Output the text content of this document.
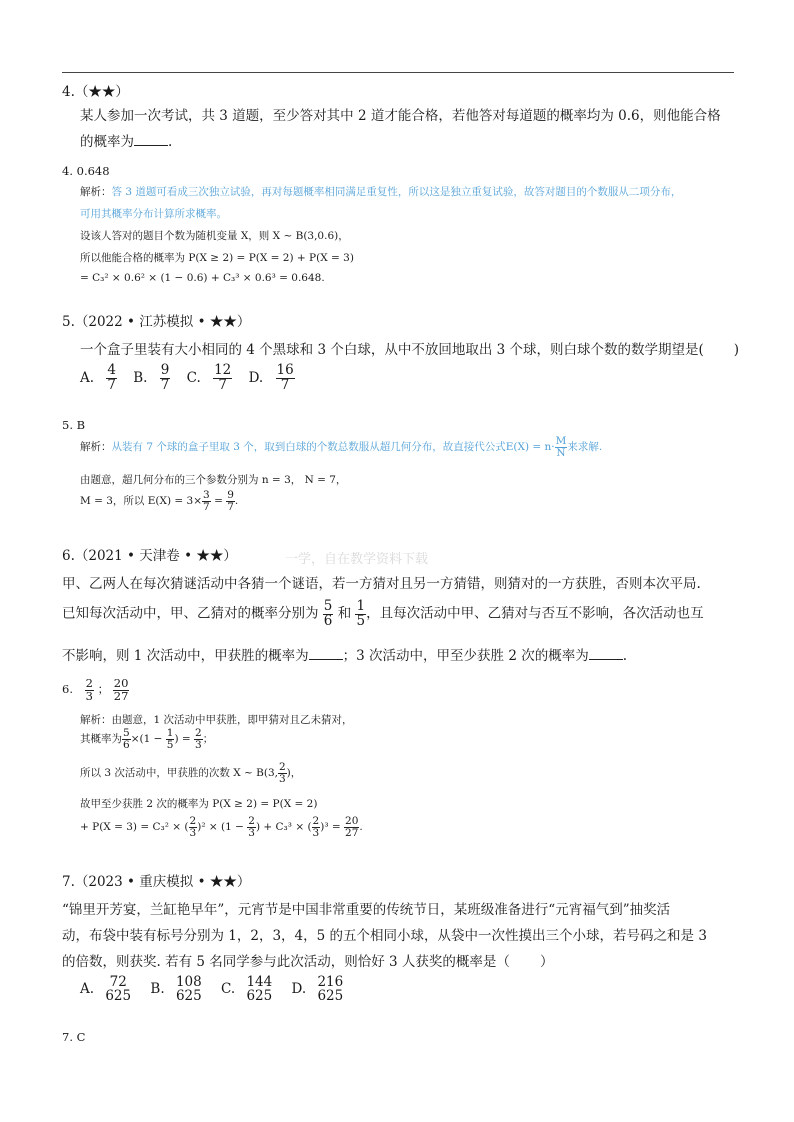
4.（★★）
某人参加一次考试，共 3 道题，至少答对其中 2 道才能合格，若他答对每道题的概率均为 0.6，则他能合格
的概率为	.
4. 0.648
解析：答 3 道题可看成三次独立试验，再对每题概率相同满足重复性，所以这是独立重复试验，故答对题目的个数服从二项分布，
可用其概率分布计算所求概率。
设该人答对的题目个数为随机变量 X，则 X ~ B(3,0.6)，
所以他能合格的概率为 P(X ≥ 2) = P(X = 2) + P(X = 3)
= C₃² × 0.6² × (1 − 0.6) + C₃³ × 0.6³ = 0.648.
5.（2022 • 江苏模拟 • ★★）
一个盒子里装有大小相同的 4 个黑球和 3 个白球，从中不放回地取出 3 个球，则白球个数的数学期望是( )
A. $\frac{4}{7} B$. $\frac{9}{7} C$. $\frac{12}{7} D$. $\frac{16}{7}$
5. B
解析：从装有 7 个球的盒子里取 3 个，取到白球的个数总数服从超几何分布，故直接代公式$E(X) = n\cdot \frac{M}{N}$ 来求解.
由题意，超几何分布的三个参数分别为 n = 3， N = 7，
M = 3，所以 $E(X) = 3\times \frac{3}{7} = \frac{9}{7}$ .
一学，自在教学资料下载
6.（2021 • 天津卷 • ★★）
甲、乙两人在每次猜谜活动中各猜一个谜语，若一方猜对且另一方猜错，则猜对的一方获胜，否则本次平局.
已知每次活动中，甲、乙猜对的概率分别为 $\frac{5}{6}$ 和 $\frac{1}{5}$ ，且每次活动中甲、乙猜对与否互不影响，各次活动也互
不影响，则 1 次活动中，甲获胜的概率为	；3 次活动中，甲至少获胜 2 次的概率为	.
6. $\frac{2}{3}$ ； $\frac{20}{27}$
解析：由题意，1 次活动中甲获胜，即甲猜对且乙未猜对，
其概率为 $\frac{5}{6} \times(1 - \frac{1}{5}$ ) = $\frac{2}{3}$ ；
所以 3 次活动中，甲获胜的次数 X ~ B(3, $\frac{2}{3}$ )，
故甲至少获胜 2 次的概率为 P(X ≥ 2) = P(X = 2)
+ P(X = 3) = C₃² × ( $\frac{2}{3} )^2 \times (1 - \frac{2}{3}$ ) + C₃³ × ( $\frac{2}{3} )^3 = \frac{20}{27}$ .
7.（2023 • 重庆模拟 • ★★）
“锦里开芳宴，兰缸艳早年”，元宵节是中国非常重要的传统节日，某班级准备进行“元宵福气到”抽奖活
动，布袋中装有标号分别为 1，2，3，4，5 的五个相同小球，从袋中一次性摸出三个小球，若号码之和是 3
的倍数，则获奖. 若有 5 名同学参与此次活动，则恰好 3 人获奖的概率是（ ）
A.	72
625 B. 108
625 C. 144
625 D. 216
625
7. C
